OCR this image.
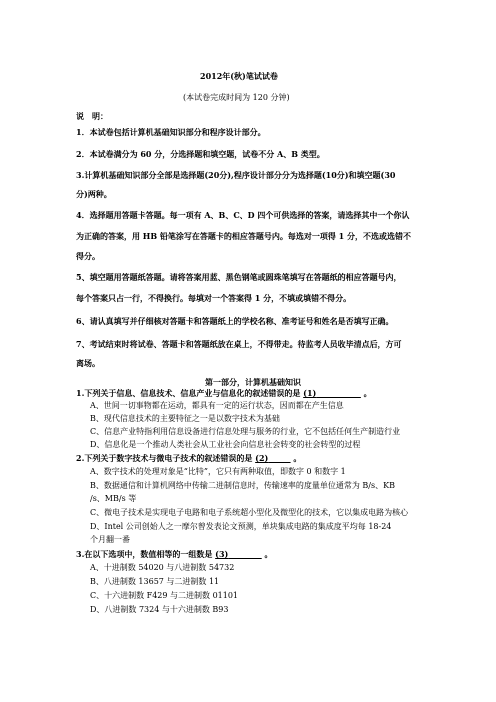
2012年(秋)笔试试卷
(本试卷完成时间为 120 分钟)
说　明：
1．本试卷包括计算机基础知识部分和程序设计部分。
2．本试卷满分为 60 分，分选择题和填空题，试卷不分 A、B 类型。
3.计算机基础知识部分全部是选择题(20分),程序设计部分分为选择题(10分)和填空题(30
分)两种。
4．选择题用答题卡答题。每一项有 A、B、C、D 四个可供选择的答案，请选择其中一个你认
为正确的答案，用 HB 铅笔涂写在答题卡的相应答题号内。每选对一项得 1 分，不选或选错不
得分。
5、填空题用答题纸答题。请将答案用蓝、黑色钢笔或圆珠笔填写在答题纸的相应答题号内，
每个答案只占一行，不得换行。每填对一个答案得 1 分，不填或填错不得分。
6、请认真填写并仔细核对答题卡和答题纸上的学校名称、准考证号和姓名是否填写正确。
7、考试结束时将试卷、答题卡和答题纸放在桌上，不得带走。待监考人员收毕清点后，方可
离场。
第一部分，计算机基础知识
1.下列关于信息、信息技术、信息产业与信息化的叙述错误的是 (1)	。
A、世间一切事物都在运动，都具有一定的运行状态，因而都在产生信息
B、现代信息技术的主要特征之一是以数字技术为基础
C、信息产业特指利用信息设备进行信息处理与服务的行业，它不包括任何生产制造行业
D、信息化是一个推动人类社会从工业社会向信息社会转变的社会转型的过程
2.下列关于数字技术与微电子技术的叙述错误的是 (2)	。
A、数字技术的处理对象是“比特”，它只有两种取值，即数字 0 和数字 1
B、数据通信和计算机网络中传输二进制信息时，传输速率的度量单位通常为 B/s、KB
/s、MB/s 等
C、微电子技术是实现电子电路和电子系统超小型化及微型化的技术，它以集成电路为核心
D、Intel 公司创始人之一摩尔曾发表论文预测，单块集成电路的集成度平均每 18-24
个月翻一番
3.在以下选项中，数值相等的一组数是 (3)	。
A、十进制数 54020 与八进制数 54732
B、八进制数 13657 与二进制数 11
C、十六进制数 F429 与二进制数 01101
D、八进制数 7324 与十六进制数 B93
